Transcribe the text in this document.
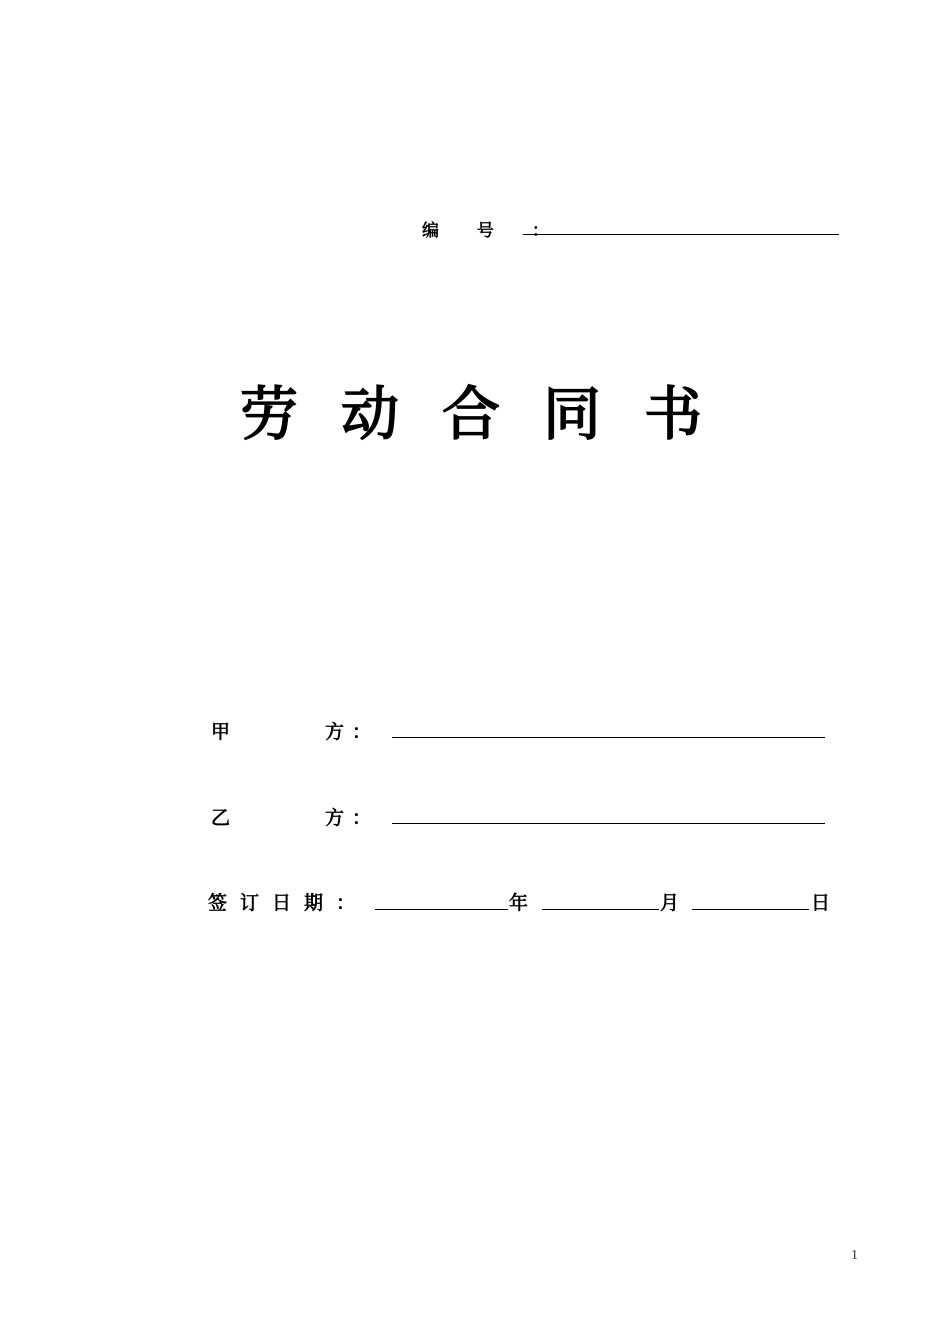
编 号 ：
劳动合同书
甲	方：
乙	方：
签订日期：	年	月	日
1
